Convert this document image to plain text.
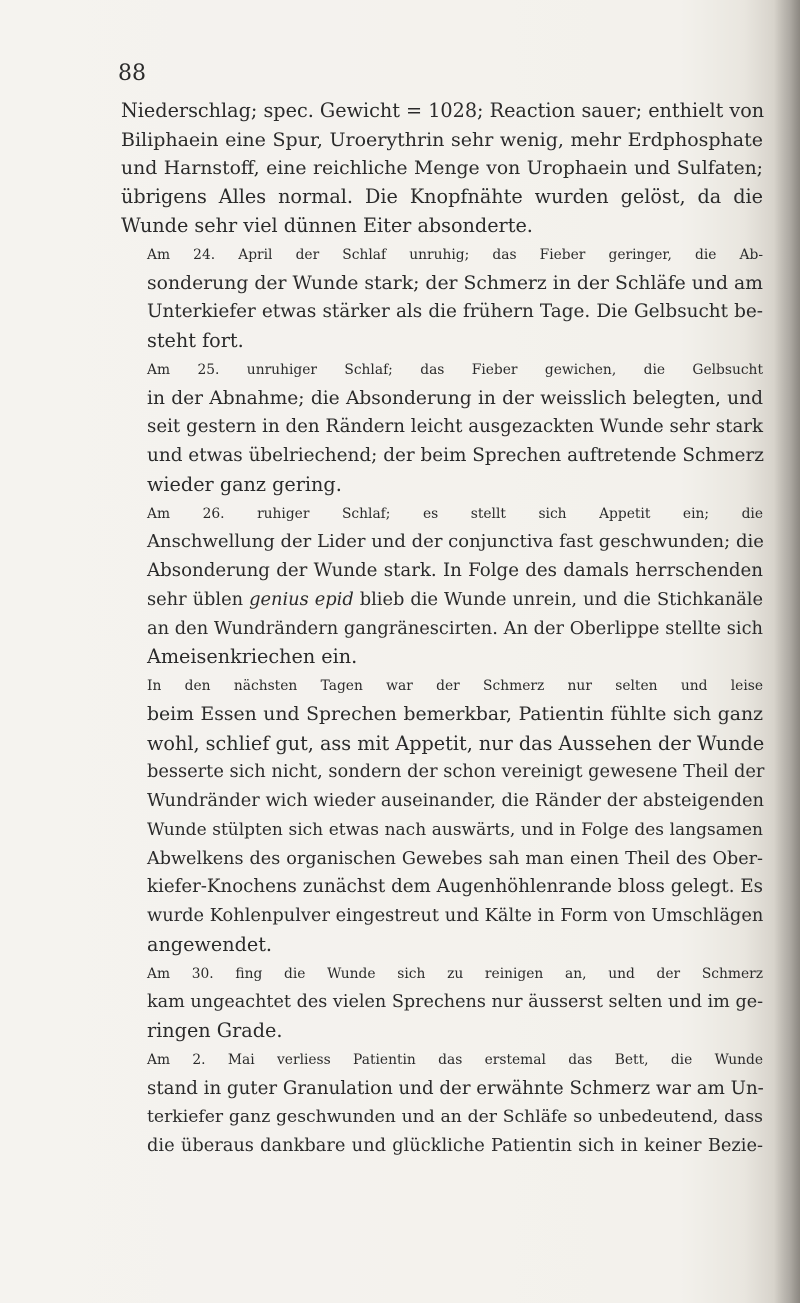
88

Niederschlag; spec. Gewicht = 1028; Reaction sauer; enthielt von
Biliphaein eine Spur, Uroerythrin sehr wenig, mehr Erdphosphate
und Harnstoff, eine reichliche Menge von Urophaein und Sulfaten;
übrigens Alles normal. Die Knopfnähte wurden gelöst, da die
Wunde sehr viel dünnen Eiter absonderte.

Am 24. April der Schlaf unruhig; das Fieber geringer, die Ab-
sonderung der Wunde stark; der Schmerz in der Schläfe und am
Unterkiefer etwas stärker als die frühern Tage. Die Gelbsucht be-
steht fort.

Am 25. unruhiger Schlaf; das Fieber gewichen, die Gelbsucht
in der Abnahme; die Absonderung in der weisslich belegten, und
seit gestern in den Rändern leicht ausgezackten Wunde sehr stark
und etwas übelriechend; der beim Sprechen auftretende Schmerz
wieder ganz gering.

Am 26. ruhiger Schlaf; es stellt sich Appetit ein; die
Anschwellung der Lider und der conjunctiva fast geschwunden; die
Absonderung der Wunde stark. In Folge des damals herrschenden
sehr üblen genius epid blieb die Wunde unrein, und die Stichkanäle
an den Wundrändern gangränescirten. An der Oberlippe stellte sich
Ameisenkriechen ein.

In den nächsten Tagen war der Schmerz nur selten und leise
beim Essen und Sprechen bemerkbar, Patientin fühlte sich ganz
wohl, schlief gut, ass mit Appetit, nur das Aussehen der Wunde
besserte sich nicht, sondern der schon vereinigt gewesene Theil der
Wundränder wich wieder auseinander, die Ränder der absteigenden
Wunde stülpten sich etwas nach auswärts, und in Folge des langsamen
Abwelkens des organischen Gewebes sah man einen Theil des Ober-
kiefer-Knochens zunächst dem Augenhöhlenrande bloss gelegt. Es
wurde Kohlenpulver eingestreut und Kälte in Form von Umschlägen
angewendet.

Am 30. fing die Wunde sich zu reinigen an, und der Schmerz
kam ungeachtet des vielen Sprechens nur äusserst selten und im ge-
ringen Grade.

Am 2. Mai verliess Patientin das erstemal das Bett, die Wunde
stand in guter Granulation und der erwähnte Schmerz war am Un-
terkiefer ganz geschwunden und an der Schläfe so unbedeutend, dass
die überaus dankbare und glückliche Patientin sich in keiner Bezie-
